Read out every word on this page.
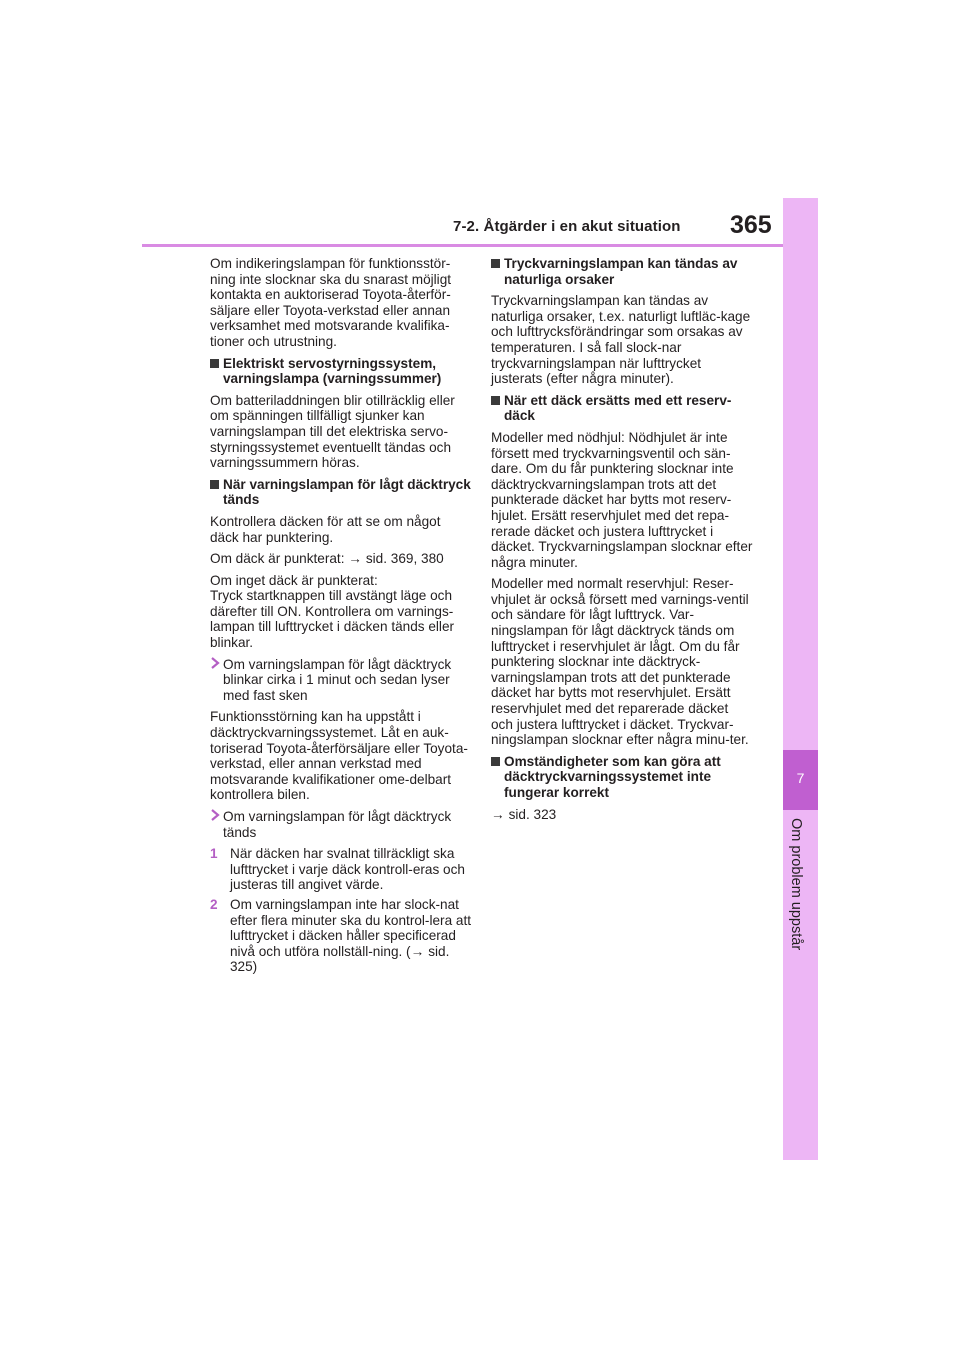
7-2. Åtgärder i en akut situation 365
7
Om problem uppstår

Om indikeringslampan för funktionsstör-ning inte slocknar ska du snarast möjligt kontakta en auktoriserad Toyota-återför-säljare eller Toyota-verkstad eller annan verksamhet med motsvarande kvalifika-tioner och utrustning.

Elektriskt servostyrningssystem, varningslampa (varningssummer)

Om batteriladdningen blir otillräcklig eller om spänningen tillfälligt sjunker kan varningslampan till det elektriska servo-styrningssystemet eventuellt tändas och varningssummern höras.

När varningslampan för lågt däcktryck tänds

Kontrollera däcken för att se om något däck har punktering.

Om däck är punkterat: → sid. 369, 380

Om inget däck är punkterat:
Tryck startknappen till avstängt läge och därefter till ON. Kontrollera om varnings-lampan till lufttrycket i däcken tänds eller blinkar.

Om varningslampan för lågt däcktryck blinkar cirka i 1 minut och sedan lyser med fast sken

Funktionsstörning kan ha uppstått i däcktryckvarningssystemet. Låt en auk-toriserad Toyota-återförsäljare eller Toyota-verkstad, eller annan verkstad med motsvarande kvalifikationer ome-delbart kontrollera bilen.

Om varningslampan för lågt däcktryck tänds
1 När däcken har svalnat tillräckligt ska lufttrycket i varje däck kontroll-eras och justeras till angivet värde.
2 Om varningslampan inte har slock-nat efter flera minuter ska du kontrol-lera att lufttrycket i däcken håller specificerad nivå och utföra nollställ-ning. (→ sid. 325)
Tryckvarningslampan kan tändas av naturliga orsaker

Tryckvarningslampan kan tändas av naturliga orsaker, t.ex. naturligt luftläc-kage och lufttrycksförändringar som orsakas av temperaturen. I så fall slock-nar tryckvarningslampan när lufttrycket justerats (efter några minuter).

När ett däck ersätts med ett reserv-däck

Modeller med nödhjul: Nödhjulet är inte försett med tryckvarningsventil och sän-dare. Om du får punktering slocknar inte däcktryckvarningslampan trots att det punkterade däcket har bytts mot reserv-hjulet. Ersätt reservhjulet med det repa-rerade däcket och justera lufttrycket i däcket. Tryckvarningslampan slocknar efter några minuter.

Modeller med normalt reservhjul: Reser-vhjulet är också försett med varnings-ventil och sändare för lågt lufttryck. Var-ningslampan för lågt däcktryck tänds om lufttrycket i reservhjulet är lågt. Om du får punktering slocknar inte däcktryck-varningslampan trots att det punkterade däcket har bytts mot reservhjulet. Ersätt reservhjulet med det reparerade däcket och justera lufttrycket i däcket. Tryckvar-ningslampan slocknar efter några minu-ter.

Omständigheter som kan göra att däcktryckvarningssystemet inte fungerar korrekt

→ sid. 323
